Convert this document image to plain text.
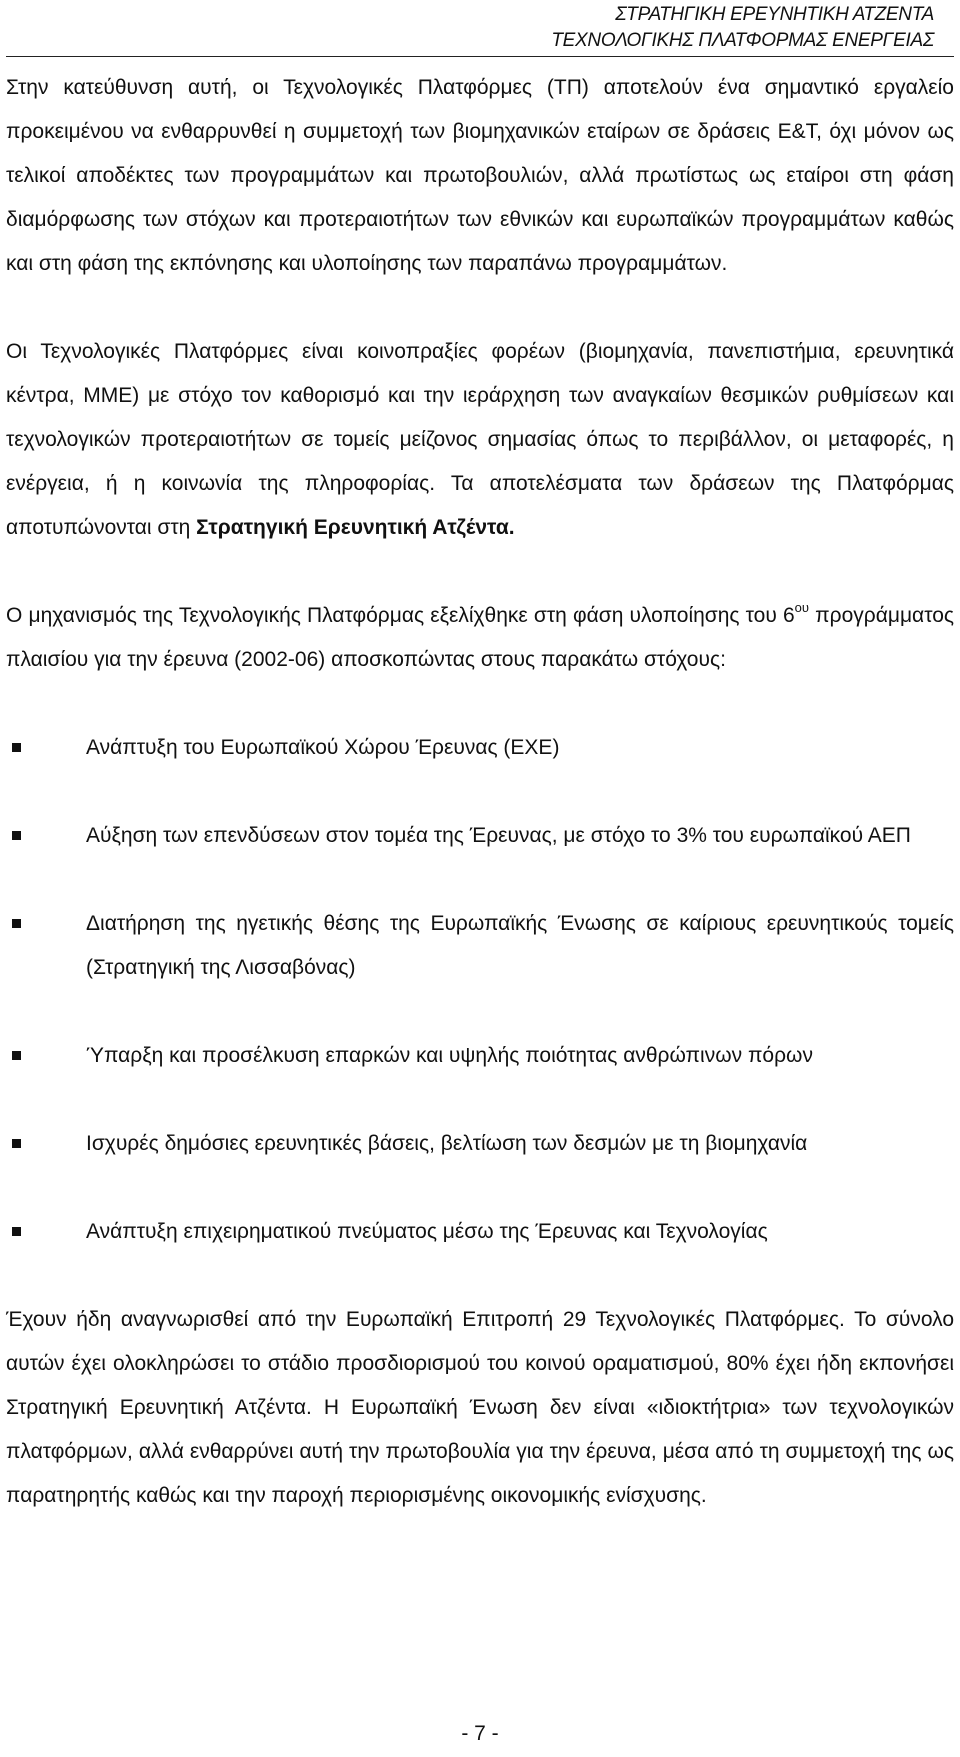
ΣΤΡΑΤΗΓΙΚΗ ΕΡΕΥΝΗΤΙΚΗ ΑΤΖΕΝΤΑ
ΤΕΧΝΟΛΟΓΙΚΗΣ ΠΛΑΤΦΟΡΜΑΣ ΕΝΕΡΓΕΙΑΣ

Στην κατεύθυνση αυτή, οι Τεχνολογικές Πλατφόρμες (ΤΠ) αποτελούν ένα σημαντικό εργαλείο προκειμένου να ενθαρρυνθεί η συμμετοχή των βιομηχανικών εταίρων σε δράσεις Ε&Τ, όχι μόνον ως τελικοί αποδέκτες των προγραμμάτων και πρωτοβουλιών, αλλά πρωτίστως ως εταίροι στη φάση διαμόρφωσης των στόχων και προτεραιοτήτων των εθνικών και ευρωπαϊκών προγραμμάτων καθώς και στη φάση της εκπόνησης και υλοποίησης των παραπάνω προγραμμάτων.

Οι Τεχνολογικές Πλατφόρμες είναι κοινοπραξίες φορέων (βιομηχανία, πανεπιστήμια, ερευνητικά κέντρα, ΜΜΕ) με στόχο τον καθορισμό και την ιεράρχηση των αναγκαίων θεσμικών ρυθμίσεων και τεχνολογικών προτεραιοτήτων σε τομείς μείζονος σημασίας όπως το περιβάλλον, οι μεταφορές, η ενέργεια, ή η κοινωνία της πληροφορίας. Τα αποτελέσματα των δράσεων της Πλατφόρμας αποτυπώνονται στη Στρατηγική Ερευνητική Ατζέντα.

Ο μηχανισμός της Τεχνολογικής Πλατφόρμας εξελίχθηκε στη φάση υλοποίησης του $6^{o\upsilon}$ προγράμματος πλαισίου για την έρευνα (2002-06) αποσκοπώντας στους παρακάτω στόχους:

Ανάπτυξη του Ευρωπαϊκού Χώρου Έρευνας (ΕΧΕ)
Αύξηση των επενδύσεων στον τομέα της Έρευνας, με στόχο το 3% του ευρωπαϊκού ΑΕΠ
Διατήρηση της ηγετικής θέσης της Ευρωπαϊκής Ένωσης σε καίριους ερευνητικούς τομείς (Στρατηγική της Λισσαβόνας)
Ύπαρξη και προσέλκυση επαρκών και υψηλής ποιότητας ανθρώπινων πόρων
Ισχυρές δημόσιες ερευνητικές βάσεις, βελτίωση των δεσμών με τη βιομηχανία
Ανάπτυξη επιχειρηματικού πνεύματος μέσω της Έρευνας και Τεχνολογίας

Έχουν ήδη αναγνωρισθεί από την Ευρωπαϊκή Επιτροπή 29 Τεχνολογικές Πλατφόρμες. Το σύνολο αυτών έχει ολοκληρώσει το στάδιο προσδιορισμού του κοινού οραματισμού, 80% έχει ήδη εκπονήσει Στρατηγική Ερευνητική Ατζέντα. Η Ευρωπαϊκή Ένωση δεν είναι «ιδιοκτήτρια» των τεχνολογικών πλατφόρμων, αλλά ενθαρρύνει αυτή την πρωτοβουλία για την έρευνα, μέσα από τη συμμετοχή της ως παρατηρητής καθώς και την παροχή περιορισμένης οικονομικής ενίσχυσης.

- 7 -
